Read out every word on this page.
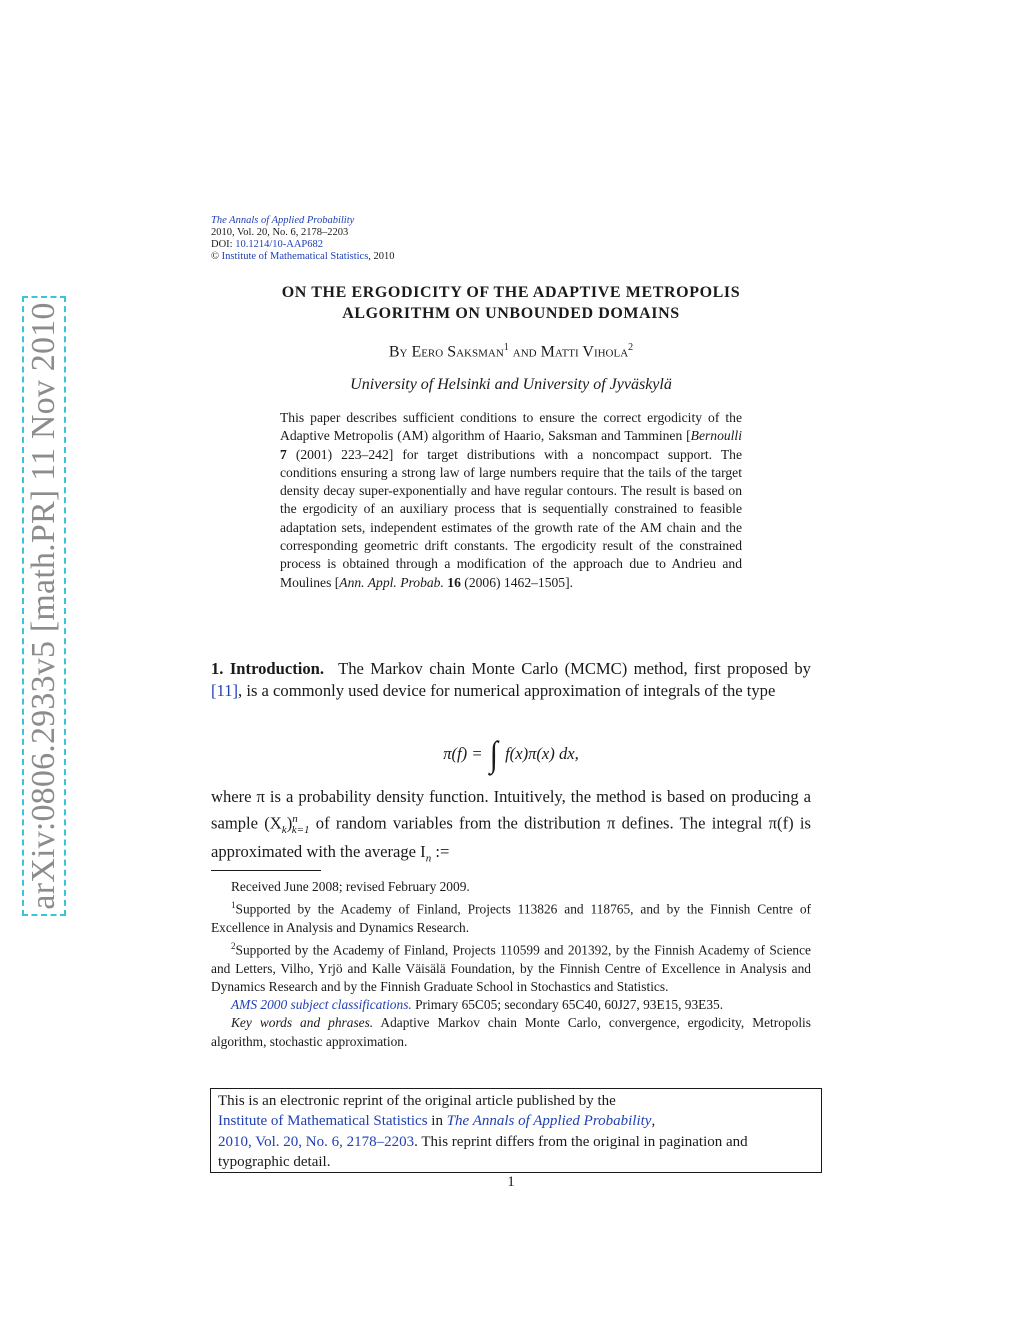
arXiv:0806.2933v5 [math.PR] 11 Nov 2010
The Annals of Applied Probability
2010, Vol. 20, No. 6, 2178–2203
DOI: 10.1214/10-AAP682
© Institute of Mathematical Statistics, 2010
ON THE ERGODICITY OF THE ADAPTIVE METROPOLIS
ALGORITHM ON UNBOUNDED DOMAINS
By Eero Saksman$^1$ and Matti Vihola$^2$
University of Helsinki and University of Jyväskylä
This paper describes sufficient conditions to ensure the correct ergodicity of the Adaptive Metropolis (AM) algorithm of Haario, Saksman and Tamminen [Bernoulli 7 (2001) 223–242] for target distributions with a noncompact support. The conditions ensuring a strong law of large numbers require that the tails of the target density decay super-exponentially and have regular contours. The result is based on the ergodicity of an auxiliary process that is sequentially constrained to feasible adaptation sets, independent estimates of the growth rate of the AM chain and the corresponding geometric drift constants. The ergodicity result of the constrained process is obtained through a modification of the approach due to Andrieu and Moulines [Ann. Appl. Probab. 16 (2006) 1462–1505].
1. Introduction. The Markov chain Monte Carlo (MCMC) method, first proposed by [11], is a commonly used device for numerical approximation of integrals of the type
π(f) = ∫ f(x)π(x) dx,
where π is a probability density function. Intuitively, the method is based on producing a sample $(X_k)^n_{k=1}$ of random variables from the distribution π defines. The integral π(f) is approximated with the average $I_n$ :=

Received June 2008; revised February 2009.

$^1$Supported by the Academy of Finland, Projects 113826 and 118765, and by the Finnish Centre of Excellence in Analysis and Dynamics Research.

$^2$Supported by the Academy of Finland, Projects 110599 and 201392, by the Finnish Academy of Science and Letters, Vilho, Yrjö and Kalle Väisälä Foundation, by the Finnish Centre of Excellence in Analysis and Dynamics Research and by the Finnish Graduate School in Stochastics and Statistics.

AMS 2000 subject classifications. Primary 65C05; secondary 65C40, 60J27, 93E15, 93E35.

Key words and phrases. Adaptive Markov chain Monte Carlo, convergence, ergodicity, Metropolis algorithm, stochastic approximation.

This is an electronic reprint of the original article published by the
Institute of Mathematical Statistics in The Annals of Applied Probability,
2010, Vol. 20, No. 6, 2178–2203. This reprint differs from the original in pagination and typographic detail.
1
